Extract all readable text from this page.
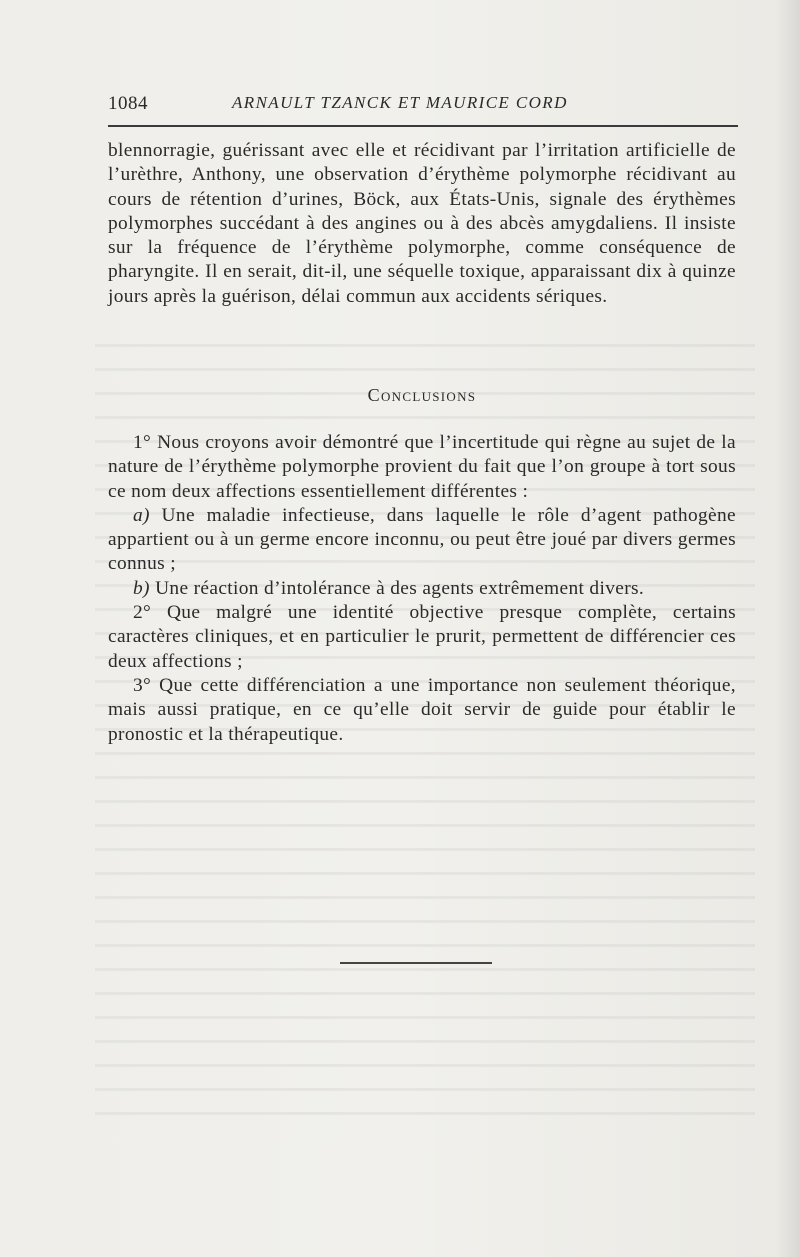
1084	ARNAULT TZANCK ET MAURICE CORD

blennorragie, guérissant avec elle et récidivant par l’irritation artificielle de l’urèthre, Anthony, une observation d’érythème polymorphe récidivant au cours de rétention d’urines, Böck, aux États-Unis, signale des érythèmes polymorphes succédant à des angines ou à des abcès amygdaliens. Il insiste sur la fréquence de l’érythème polymorphe, comme conséquence de pharyngite. Il en serait, dit-il, une séquelle toxique, apparaissant dix à quinze jours après la guérison, délai commun aux accidents sériques.

Conclusions

1° Nous croyons avoir démontré que l’incertitude qui règne au sujet de la nature de l’érythème polymorphe provient du fait que l’on groupe à tort sous ce nom deux affections essentiellement différentes :

a) Une maladie infectieuse, dans laquelle le rôle d’agent pathogène appartient ou à un germe encore inconnu, ou peut être joué par divers germes connus ;

b) Une réaction d’intolérance à des agents extrêmement divers.

2° Que malgré une identité objective presque complète, certains caractères cliniques, et en particulier le prurit, permettent de différencier ces deux affections ;

3° Que cette différenciation a une importance non seulement théorique, mais aussi pratique, en ce qu’elle doit servir de guide pour établir le pronostic et la thérapeutique.
